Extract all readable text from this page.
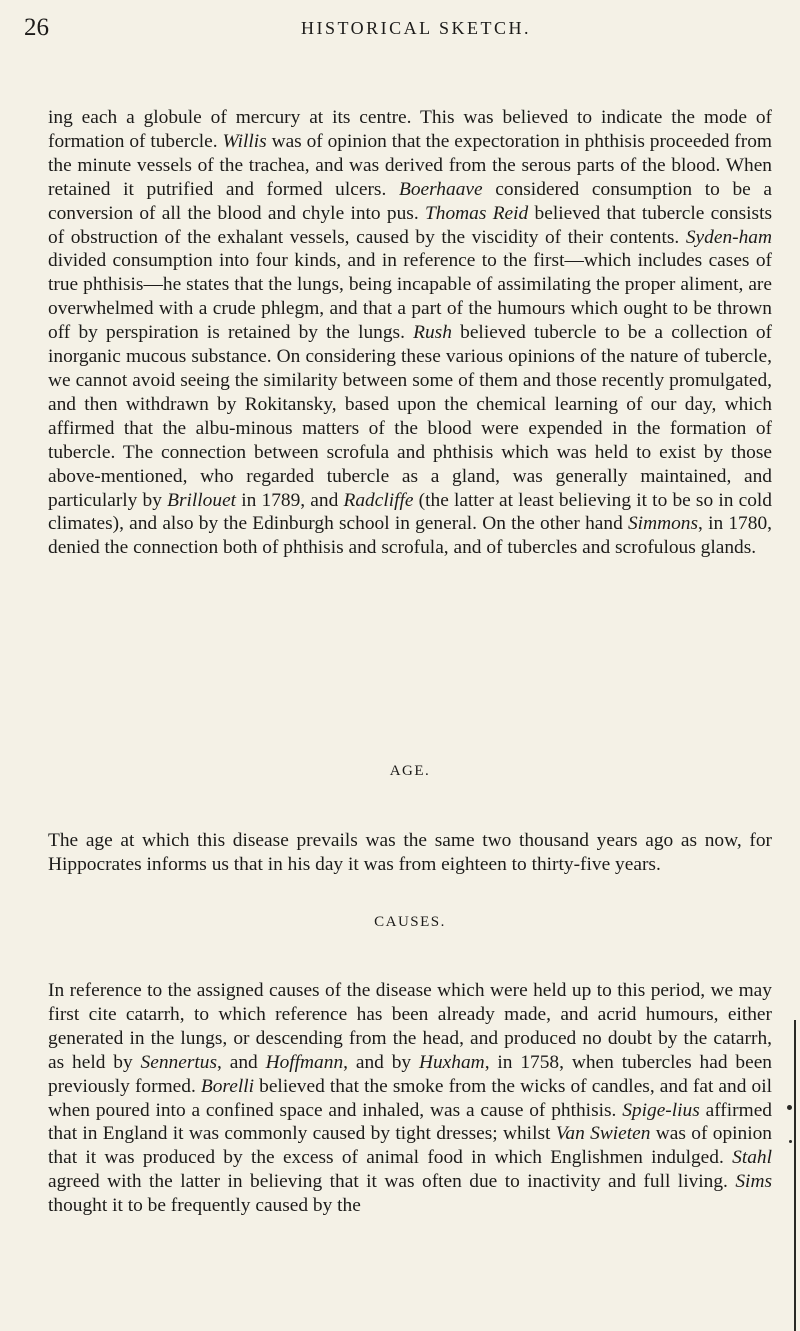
26	HISTORICAL SKETCH.

ing each a globule of mercury at its centre. This was believed to indicate the mode of formation of tubercle. Willis was of opinion that the expectoration in phthisis proceeded from the minute vessels of the trachea, and was derived from the serous parts of the blood. When retained it putrified and formed ulcers. Boerhaave considered consumption to be a conversion of all the blood and chyle into pus. Thomas Reid believed that tubercle consists of obstruction of the exhalant vessels, caused by the viscidity of their contents. Syden-ham divided consumption into four kinds, and in reference to the first—which includes cases of true phthisis—he states that the lungs, being incapable of assimilating the proper aliment, are overwhelmed with a crude phlegm, and that a part of the humours which ought to be thrown off by perspiration is retained by the lungs. Rush believed tubercle to be a collection of inorganic mucous substance. On considering these various opinions of the nature of tubercle, we cannot avoid seeing the similarity between some of them and those recently promulgated, and then withdrawn by Rokitansky, based upon the chemical learning of our day, which affirmed that the albu-minous matters of the blood were expended in the formation of tubercle. The connection between scrofula and phthisis which was held to exist by those above-mentioned, who regarded tubercle as a gland, was generally maintained, and particularly by Brillouet in 1789, and Radcliffe (the latter at least believing it to be so in cold climates), and also by the Edinburgh school in general. On the other hand Simmons, in 1780, denied the connection both of phthisis and scrofula, and of tubercles and scrofulous glands.

AGE.

The age at which this disease prevails was the same two thousand years ago as now, for Hippocrates informs us that in his day it was from eighteen to thirty-five years.

CAUSES.

In reference to the assigned causes of the disease which were held up to this period, we may first cite catarrh, to which reference has been already made, and acrid humours, either generated in the lungs, or descending from the head, and produced no doubt by the catarrh, as held by Sennertus, and Hoffmann, and by Huxham, in 1758, when tubercles had been previously formed. Borelli believed that the smoke from the wicks of candles, and fat and oil when poured into a confined space and inhaled, was a cause of phthisis. Spige-lius affirmed that in England it was commonly caused by tight dresses; whilst Van Swieten was of opinion that it was produced by the excess of animal food in which Englishmen indulged. Stahl agreed with the latter in believing that it was often due to inactivity and full living. Sims thought it to be frequently caused by the
